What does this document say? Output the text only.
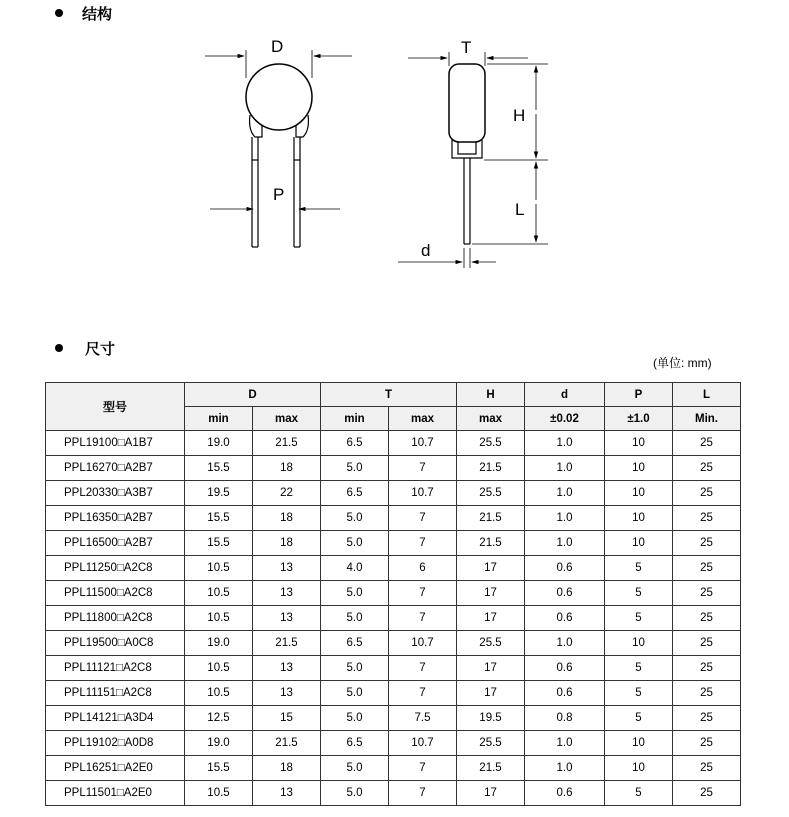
结构
D
P
T
H
L
d
尺寸
(单位: mm)
型号	D		T		H	d	P	L
	min	max	min	max	max	±0.02	±1.0	Min.
PPL19100□A1B7	19.0	21.5	6.5	10.7	25.5	1.0	10	25
PPL16270□A2B7	15.5	18	5.0	7	21.5	1.0	10	25
PPL20330□A3B7	19.5	22	6.5	10.7	25.5	1.0	10	25
PPL16350□A2B7	15.5	18	5.0	7	21.5	1.0	10	25
PPL16500□A2B7	15.5	18	5.0	7	21.5	1.0	10	25
PPL11250□A2C8	10.5	13	4.0	6	17	0.6	5	25
PPL11500□A2C8	10.5	13	5.0	7	17	0.6	5	25
PPL11800□A2C8	10.5	13	5.0	7	17	0.6	5	25
PPL19500□A0C8	19.0	21.5	6.5	10.7	25.5	1.0	10	25
PPL11121□A2C8	10.5	13	5.0	7	17	0.6	5	25
PPL11151□A2C8	10.5	13	5.0	7	17	0.6	5	25
PPL14121□A3D4	12.5	15	5.0	7.5	19.5	0.8	5	25
PPL19102□A0D8	19.0	21.5	6.5	10.7	25.5	1.0	10	25
PPL16251□A2E0	15.5	18	5.0	7	21.5	1.0	10	25
PPL11501□A2E0	10.5	13	5.0	7	17	0.6	5	25
